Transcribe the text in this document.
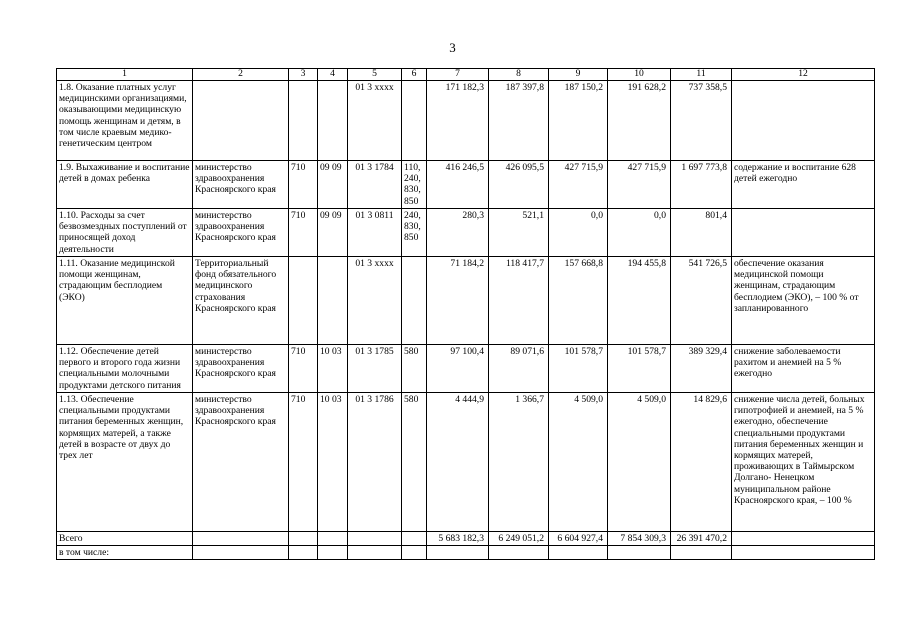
3
1	2	3	4	5	6	7	8	9	10	11	12
1.8. Оказание платных услуг медицинскими организациями, оказывающими медицинскую помощь женщинам и детям, в том числе краевым медико-генетическим центром				01 3 хххх		171 182,3	187 397,8	187 150,2	191 628,2	737 358,5	
1.9. Выхаживание и воспитание детей в домах ребенка	министерство здравоохранения Красноярского края	710	09 09	01 3 1784	110, 240, 830, 850	416 246,5	426 095,5	427 715,9	427 715,9	1 697 773,8	содержание и воспитание 628 детей ежегодно
1.10. Расходы за счет безвозмездных поступлений от приносящей доход деятельности	министерство здравоохранения Красноярского края	710	09 09	01 3 0811	240, 830, 850	280,3	521,1	0,0	0,0	801,4	
1.11. Оказание медицинской помощи женщинам, страдающим бесплодием (ЭКО)	Территориальный фонд обязательного медицинского страхования Красноярского края			01 3 хххх		71 184,2	118 417,7	157 668,8	194 455,8	541 726,5	обеспечение оказания медицинской помощи женщинам, страдающим бесплодием (ЭКО), – 100 % от запланированного
1.12. Обеспечение детей первого и второго года жизни специальными молочными продуктами детского питания	министерство здравоохранения Красноярского края	710	10 03	01 3 1785	580	97 100,4	89 071,6	101 578,7	101 578,7	389 329,4	снижение заболеваемости рахитом и анемией на 5 % ежегодно
1.13. Обеспечение специальными продуктами питания беременных женщин, кормящих матерей, а также детей в возрасте от двух до трех лет	министерство здравоохранения Красноярского края	710	10 03	01 3 1786	580	4 444,9	1 366,7	4 509,0	4 509,0	14 829,6	снижение числа детей, больных гипотрофией и анемией, на 5 % ежегодно, обеспечение специальными продуктами питания беременных женщин и кормящих матерей, проживающих в Таймырском Долгано- Ненецком муниципальном районе Красноярского края, – 100 %
Всего						5 683 182,3	6 249 051,2	6 604 927,4	7 854 309,3	26 391 470,2	
в том числе:											
